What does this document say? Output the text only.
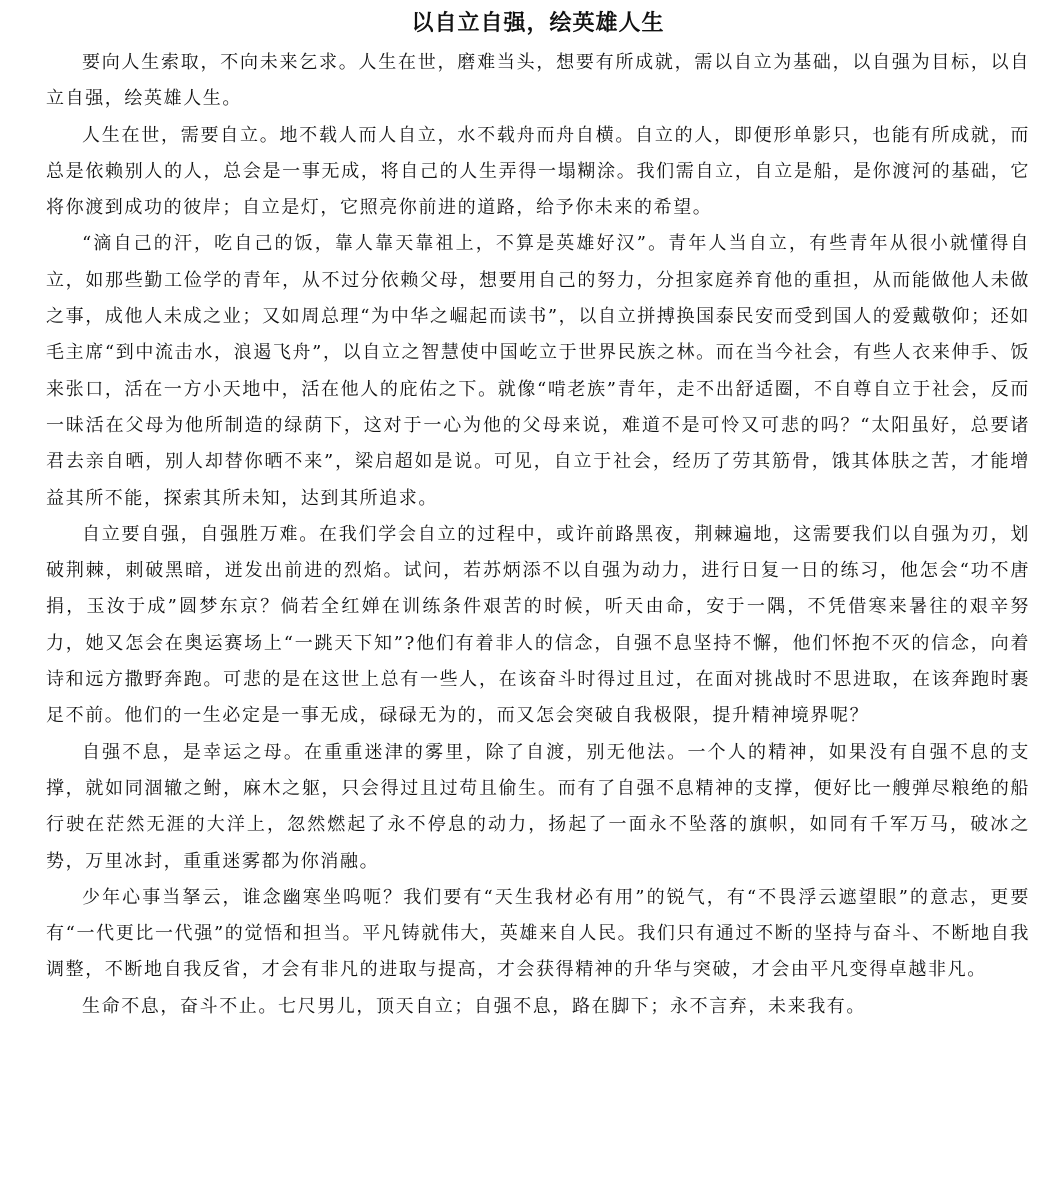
以自立自强，绘英雄人生

要向人生索取，不向未来乞求。人生在世，磨难当头，想要有所成就，需以自立为基础，以自强为目标，以自立自强，绘英雄人生。

人生在世，需要自立。地不载人而人自立，水不载舟而舟自横。自立的人，即便形单影只，也能有所成就，而总是依赖别人的人，总会是一事无成，将自己的人生弄得一塌糊涂。我们需自立，自立是船，是你渡河的基础，它将你渡到成功的彼岸；自立是灯，它照亮你前进的道路，给予你未来的希望。

“滴自己的汗，吃自己的饭，靠人靠天靠祖上，不算是英雄好汉”。青年人当自立，有些青年从很小就懂得自立，如那些勤工俭学的青年，从不过分依赖父母，想要用自己的努力，分担家庭养育他的重担，从而能做他人未做之事，成他人未成之业；又如周总理“为中华之崛起而读书”，以自立拼搏换国泰民安而受到国人的爱戴敬仰；还如毛主席“到中流击水，浪遏飞舟”，以自立之智慧使中国屹立于世界民族之林。而在当今社会，有些人衣来伸手、饭来张口，活在一方小天地中，活在他人的庇佑之下。就像“啃老族”青年，走不出舒适圈，不自尊自立于社会，反而一昧活在父母为他所制造的绿荫下，这对于一心为他的父母来说，难道不是可怜又可悲的吗？“太阳虽好，总要诸君去亲自晒，别人却替你晒不来”，梁启超如是说。可见，自立于社会，经历了劳其筋骨，饿其体肤之苦，才能增益其所不能，探索其所未知，达到其所追求。

自立要自强，自强胜万难。在我们学会自立的过程中，或许前路黑夜，荆棘遍地，这需要我们以自强为刃，划破荆棘，刺破黑暗，迸发出前进的烈焰。试问，若苏炳添不以自强为动力，进行日复一日的练习，他怎会“功不唐捐，玉汝于成”圆梦东京？倘若全红婵在训练条件艰苦的时候，听天由命，安于一隅，不凭借寒来暑往的艰辛努力，她又怎会在奥运赛场上“一跳天下知”?他们有着非人的信念，自强不息坚持不懈，他们怀抱不灭的信念，向着诗和远方撒野奔跑。可悲的是在这世上总有一些人，在该奋斗时得过且过，在面对挑战时不思进取，在该奔跑时裹足不前。他们的一生必定是一事无成，碌碌无为的，而又怎会突破自我极限，提升精神境界呢？

自强不息，是幸运之母。在重重迷津的雾里，除了自渡，别无他法。一个人的精神，如果没有自强不息的支撑，就如同涸辙之鲋，麻木之躯，只会得过且过苟且偷生。而有了自强不息精神的支撑，便好比一艘弹尽粮绝的船行驶在茫然无涯的大洋上，忽然燃起了永不停息的动力，扬起了一面永不坠落的旗帜，如同有千军万马，破冰之势，万里冰封，重重迷雾都为你消融。

少年心事当拏云，谁念幽寒坐呜呃？我们要有“天生我材必有用”的锐气，有“不畏浮云遮望眼”的意志，更要有“一代更比一代强”的觉悟和担当。平凡铸就伟大，英雄来自人民。我们只有通过不断的坚持与奋斗、不断地自我调整，不断地自我反省，才会有非凡的进取与提高，才会获得精神的升华与突破，才会由平凡变得卓越非凡。

生命不息，奋斗不止。七尺男儿，顶天自立；自强不息，路在脚下；永不言弃，未来我有。
